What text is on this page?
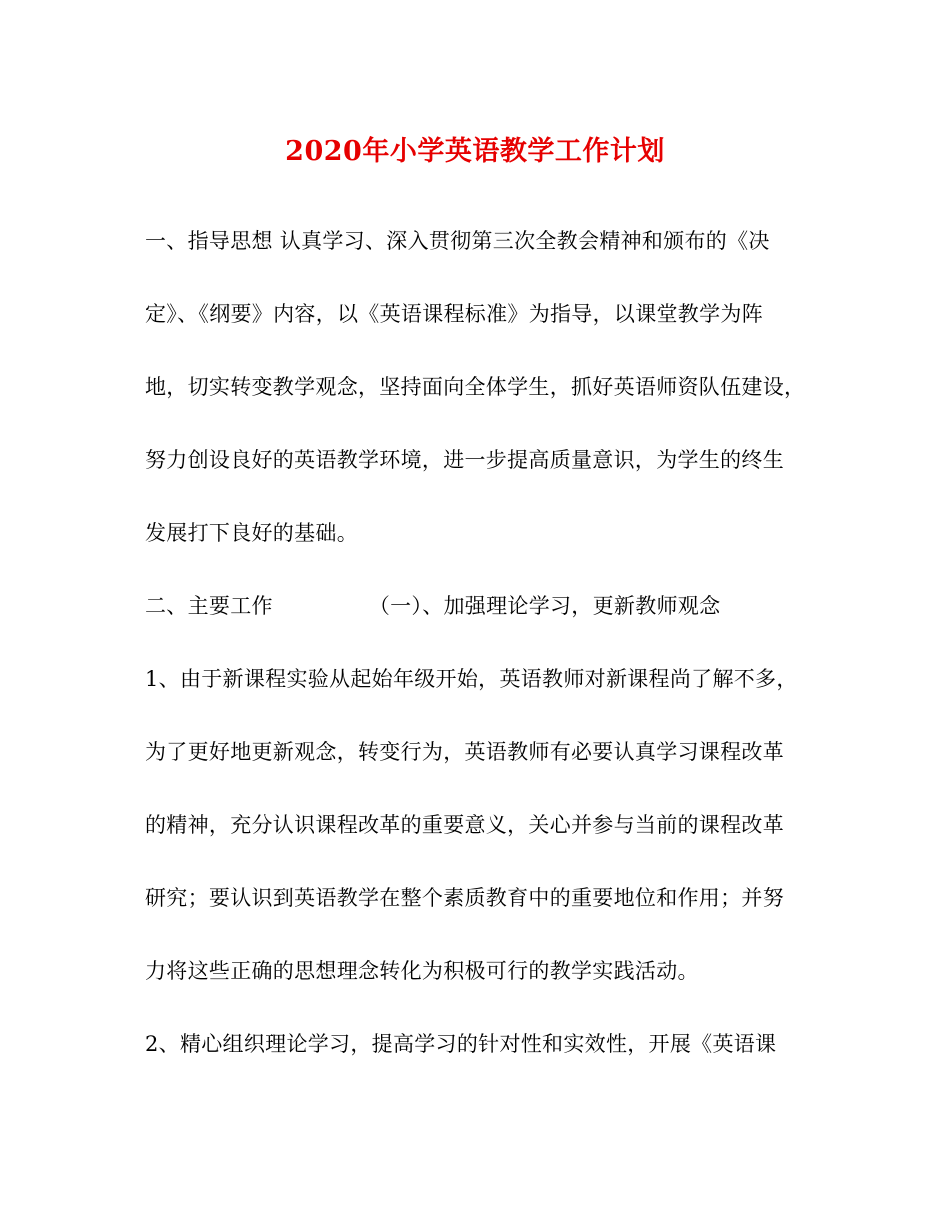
2020年小学英语教学工作计划
一、指导思想 认真学习、深入贯彻第三次全教会精神和颁布的《决
定》、《纲要》内容，以《英语课程标准》为指导，以课堂教学为阵
地，切实转变教学观念，坚持面向全体学生，抓好英语师资队伍建设，
努力创设良好的英语教学环境，进一步提高质量意识，为学生的终生
发展打下良好的基础。
二、主要工作	（一）、加强理论学习，更新教师观念
1、由于新课程实验从起始年级开始，英语教师对新课程尚了解不多，
为了更好地更新观念，转变行为，英语教师有必要认真学习课程改革
的精神，充分认识课程改革的重要意义，关心并参与当前的课程改革
研究；要认识到英语教学在整个素质教育中的重要地位和作用；并努
力将这些正确的思想理念转化为积极可行的教学实践活动。
2、精心组织理论学习，提高学习的针对性和实效性，开展《英语课
